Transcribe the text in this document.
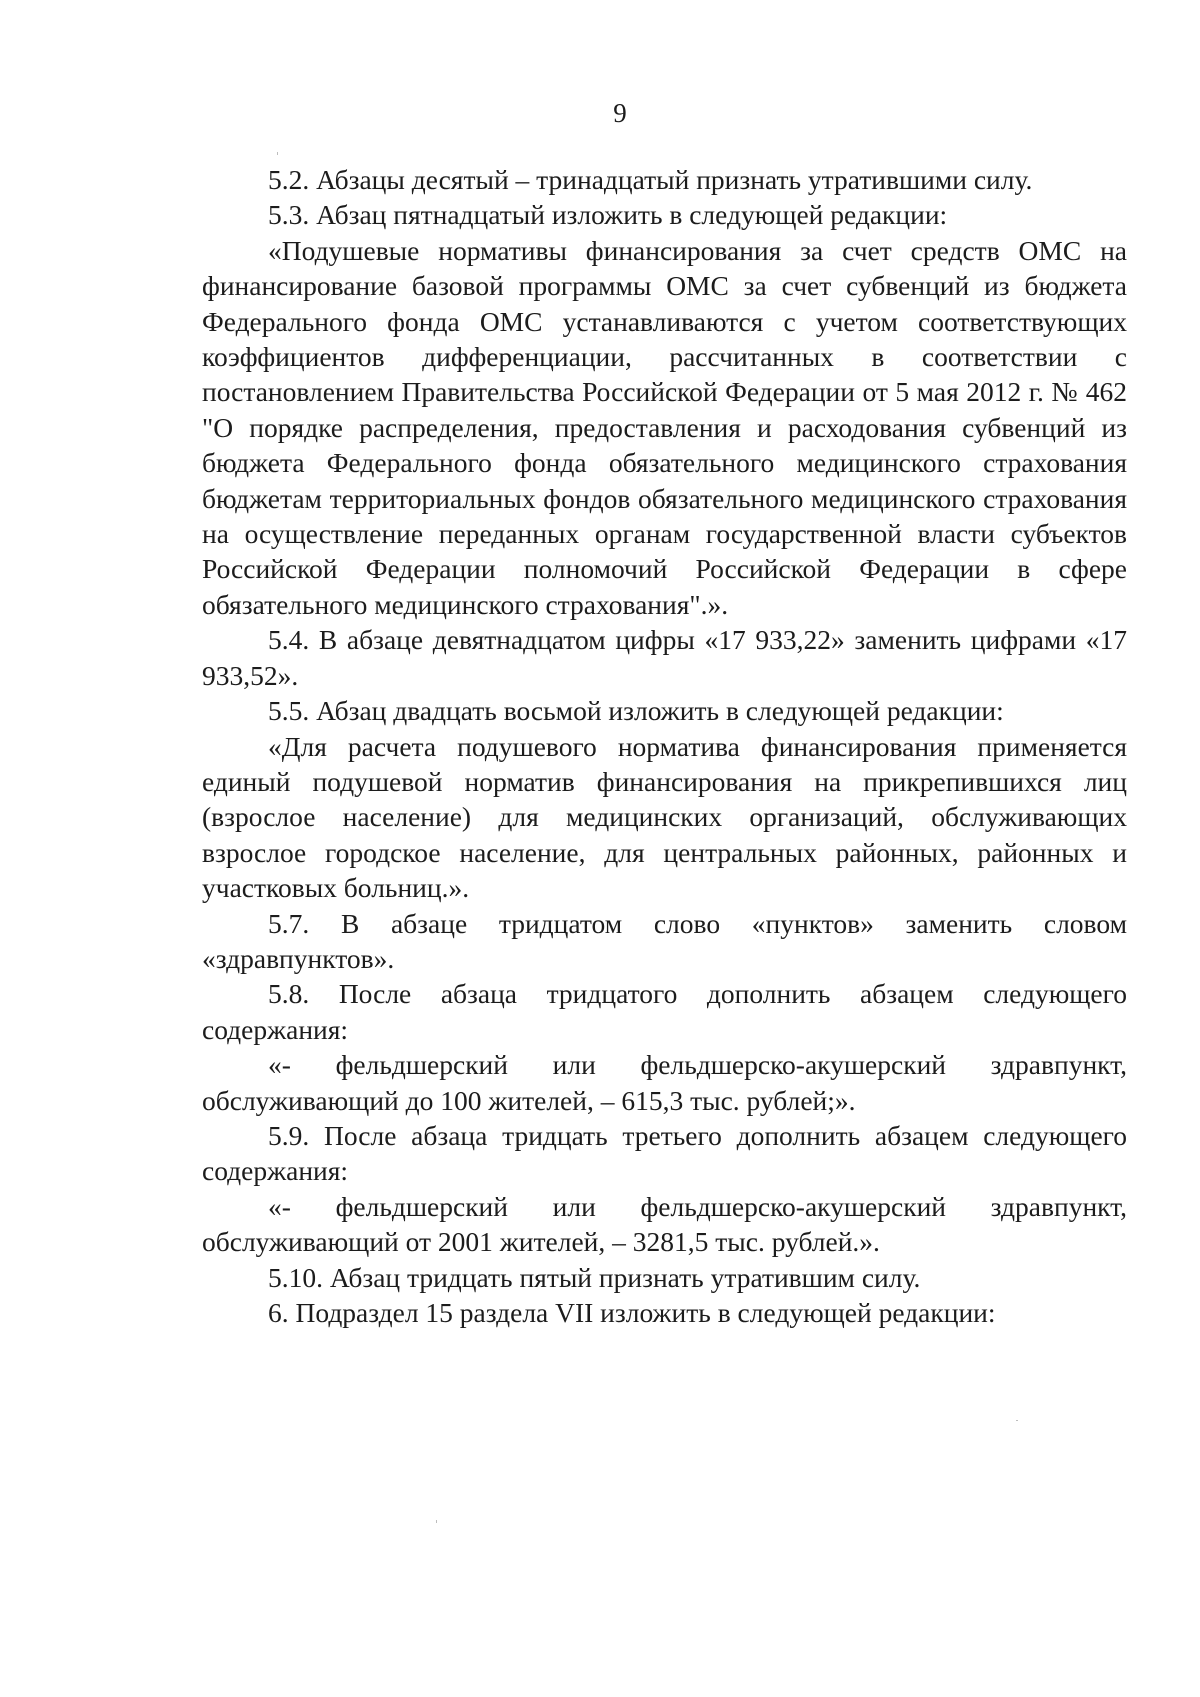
9

5.2. Абзацы десятый – тринадцатый признать утратившими силу.

5.3. Абзац пятнадцатый изложить в следующей редакции:

«Подушевые нормативы финансирования за счет средств ОМС на финансирование базовой программы ОМС за счет субвенций из бюджета Федерального фонда ОМС устанавливаются с учетом соответствующих коэффициентов дифференциации, рассчитанных в соответствии с постановлением Правительства Российской Федерации от 5 мая 2012 г. № 462 "О порядке распределения, предоставления и расходования субвенций из бюджета Федерального фонда обязательного медицинского страхования бюджетам территориальных фондов обязательного медицинского страхования на осуществление переданных органам государственной власти субъектов Российской Федерации полномочий Российской Федерации в сфере обязательного медицинского страхования".».

5.4. В абзаце девятнадцатом цифры «17 933,22» заменить цифрами «17 933,52».

5.5. Абзац двадцать восьмой изложить в следующей редакции:

«Для расчета подушевого норматива финансирования применяется единый подушевой норматив финансирования на прикрепившихся лиц (взрослое население) для медицинских организаций, обслуживающих взрослое городское население, для центральных районных, районных и участковых больниц.».

5.7. В абзаце тридцатом слово «пунктов» заменить словом «здравпунктов».

5.8. После абзаца тридцатого дополнить абзацем следующего содержания:

«- фельдшерский или фельдшерско-акушерский здравпункт, обслуживающий до 100 жителей, – 615,3 тыс. рублей;».

5.9. После абзаца тридцать третьего дополнить абзацем следующего содержания:

«- фельдшерский или фельдшерско-акушерский здравпункт, обслуживающий от 2001 жителей, – 3281,5 тыс. рублей.».

5.10. Абзац тридцать пятый признать утратившим силу.

6. Подраздел 15 раздела VII изложить в следующей редакции:
